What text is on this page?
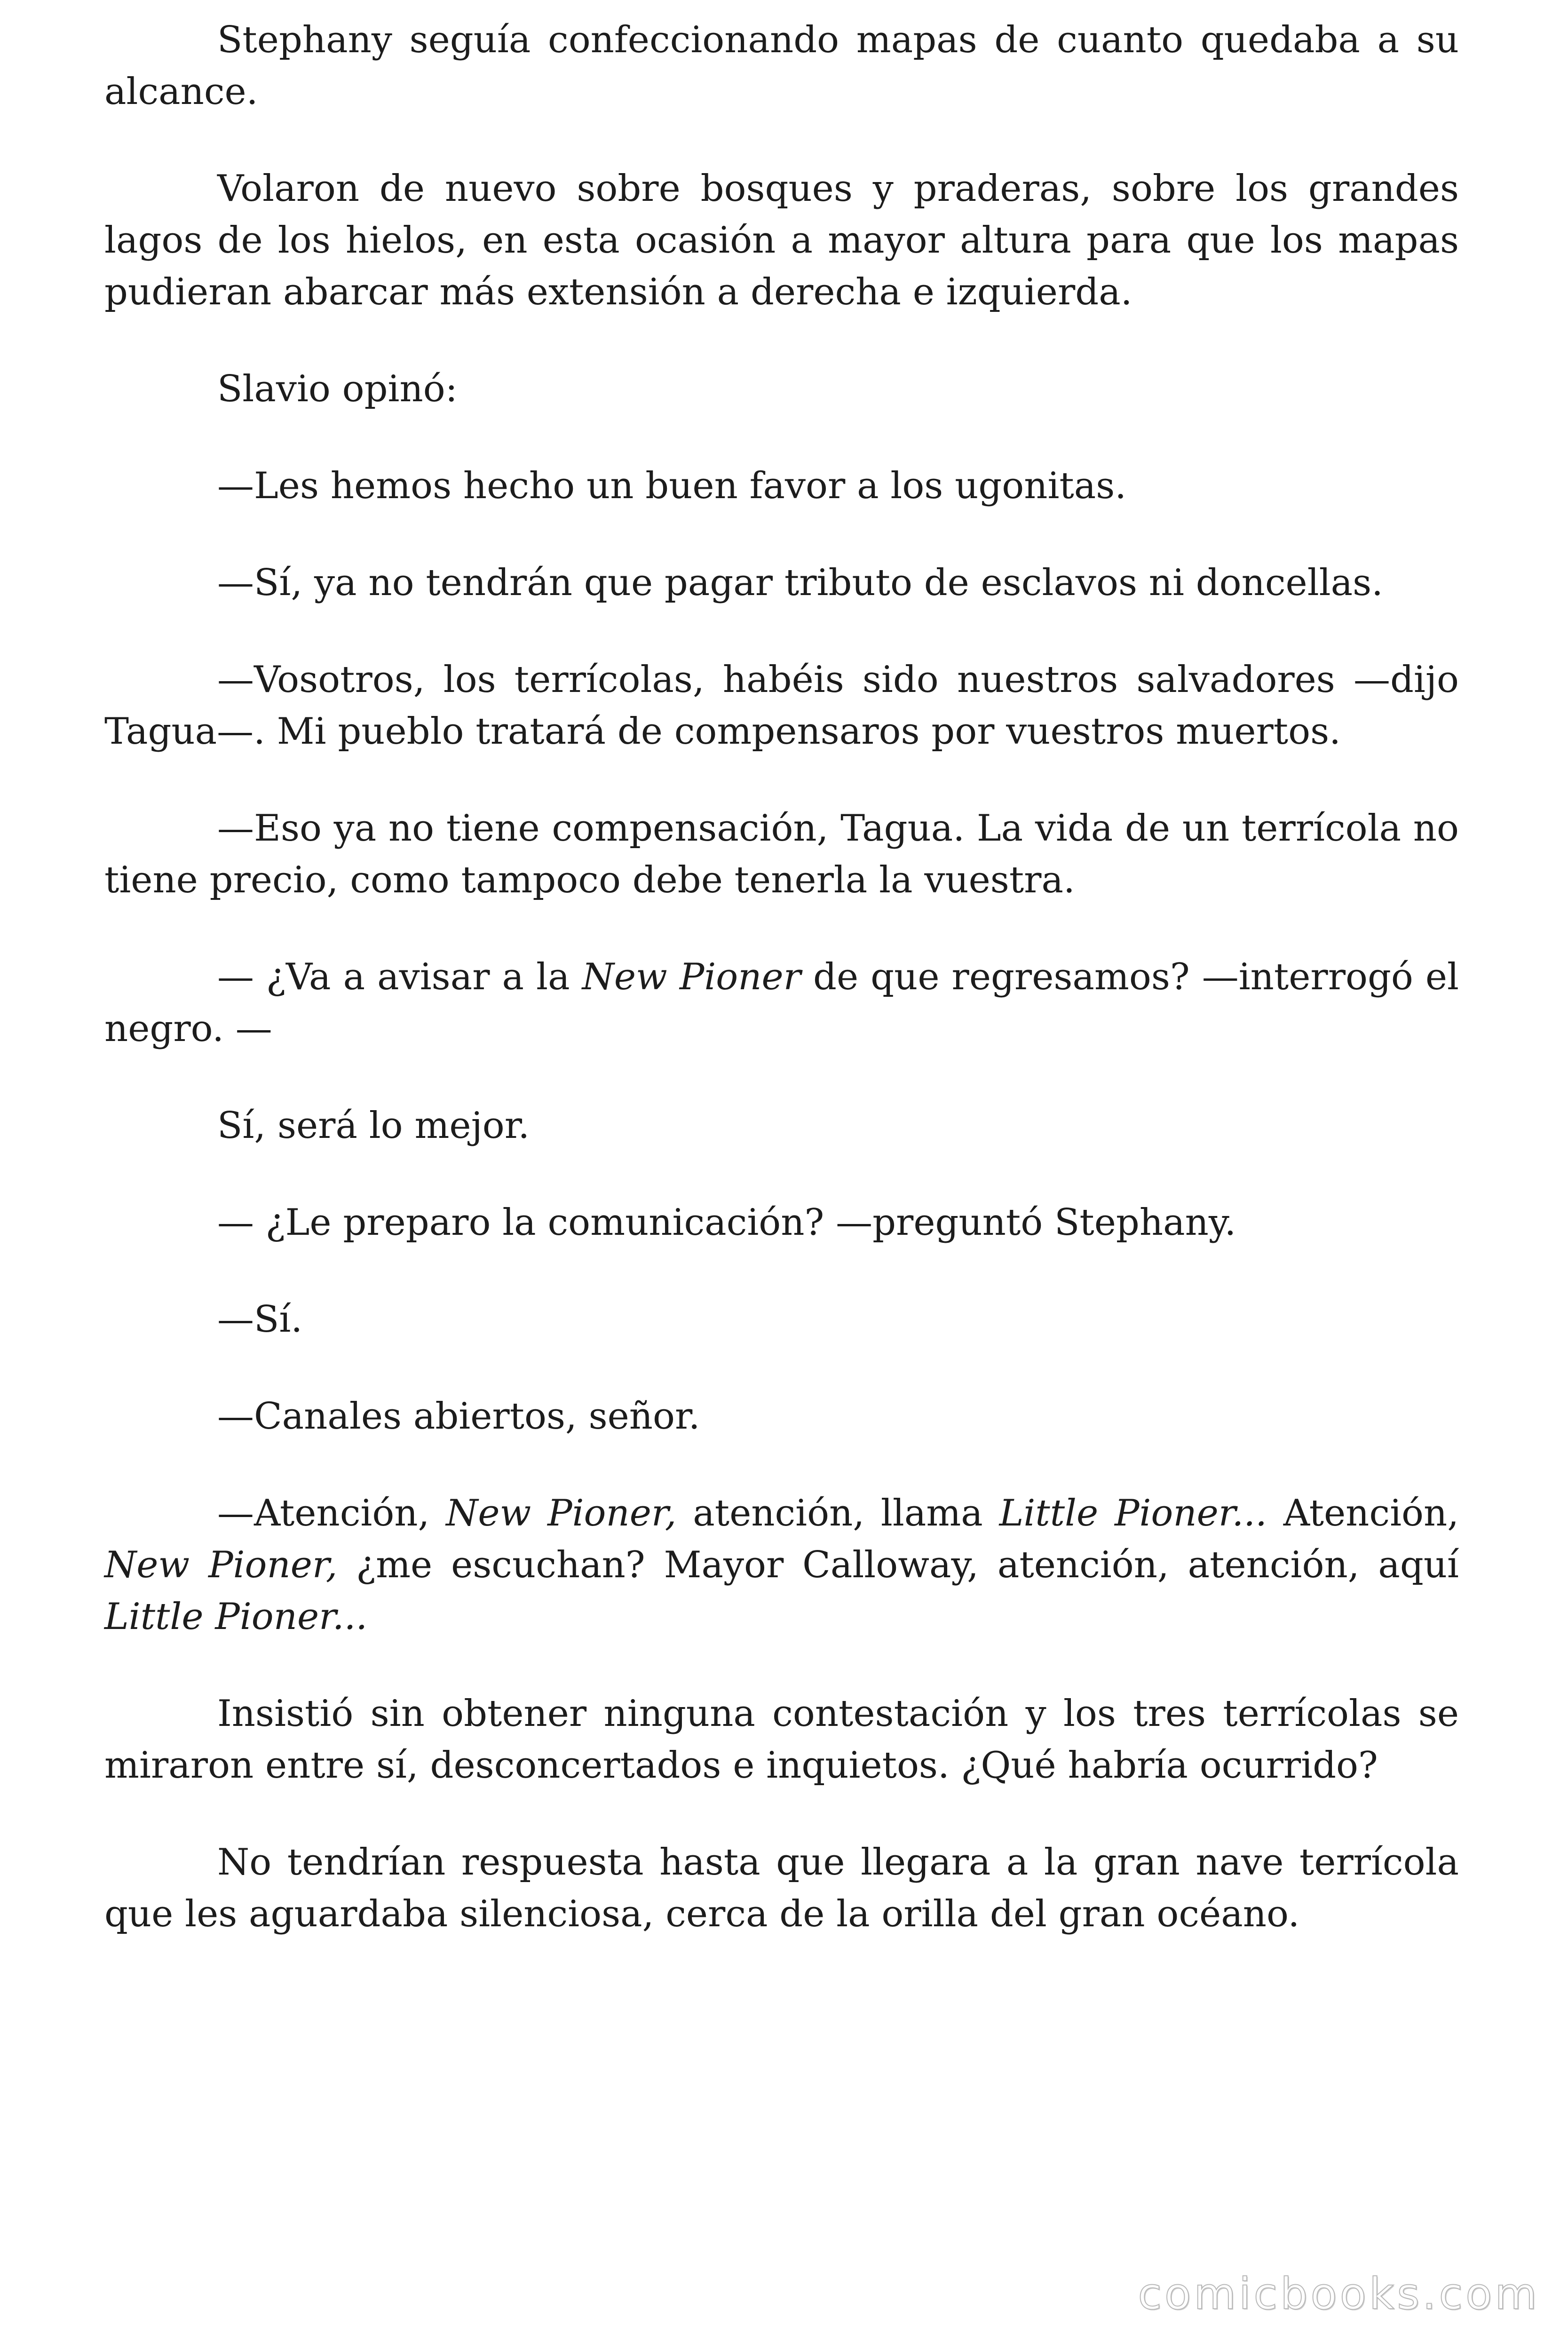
Stephany seguía confeccionando mapas de cuanto quedaba a su alcance.

Volaron de nuevo sobre bosques y praderas, sobre los grandes lagos de los hielos, en esta ocasión a mayor altura para que los mapas pudieran abarcar más extensión a derecha e izquierda.

Slavio opinó:

—Les hemos hecho un buen favor a los ugonitas.

—Sí, ya no tendrán que pagar tributo de esclavos ni doncellas.

—Vosotros, los terrícolas, habéis sido nuestros salvadores —dijo Tagua—. Mi pueblo tratará de compensaros por vuestros muertos.

—Eso ya no tiene compensación, Tagua. La vida de un terrícola no tiene precio, como tampoco debe tenerla la vuestra.

— ¿Va a avisar a la New Pioner de que regresamos? —interrogó el negro. —

Sí, será lo mejor.

— ¿Le preparo la comunicación? —preguntó Stephany.

—Sí.

—Canales abiertos, señor.

—Atención, New Pioner, atención, llama Little Pioner... Atención, New Pioner, ¿me escuchan? Mayor Calloway, atención, atención, aquí Little Pioner...

Insistió sin obtener ninguna contestación y los tres terrícolas se miraron entre sí, desconcertados e inquietos. ¿Qué habría ocurrido?

No tendrían respuesta hasta que llegara a la gran nave terrícola que les aguardaba silenciosa, cerca de la orilla del gran océano.

comicbooks.com
